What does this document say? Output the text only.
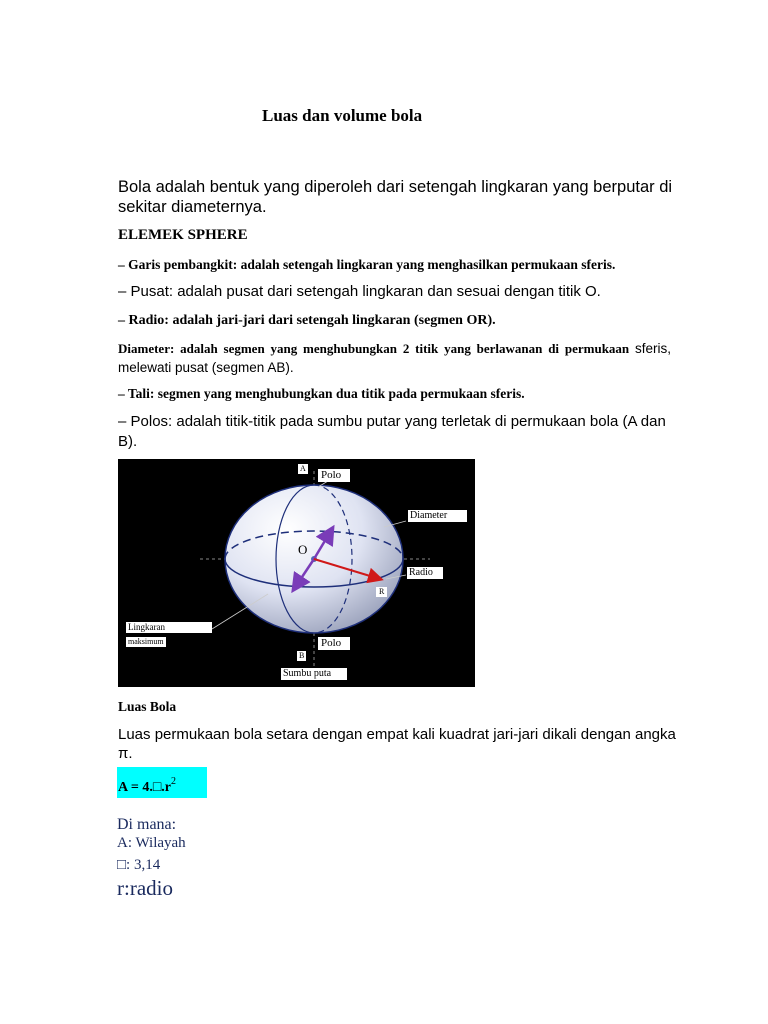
Luas dan volume bola
Bola adalah bentuk yang diperoleh dari setengah lingkaran yang berputar di sekitar diameternya.
ELEMEK SPHERE
– Garis pembangkit: adalah setengah lingkaran yang menghasilkan permukaan sferis.
– Pusat: adalah pusat dari setengah lingkaran dan sesuai dengan titik O.
– Radio: adalah jari-jari dari setengah lingkaran (segmen OR).
Diameter: adalah segmen yang menghubungkan 2 titik yang berlawanan di permukaan sferis, melewati pusat (segmen AB).
– Tali: segmen yang menghubungkan dua titik pada permukaan sferis.
– Polos: adalah titik-titik pada sumbu putar yang terletak di permukaan bola (A dan B).
A
Polo
Diameter
O
Radio
R
Lingkaran
maksimum	Polo
B
Sumbu puta
Luas Bola
Luas permukaan bola setara dengan empat kali kuadrat jari-jari dikali dengan angka π.
$A = 4.□.r^2$
Di mana:
A: Wilayah
□: 3,14
r:radio
